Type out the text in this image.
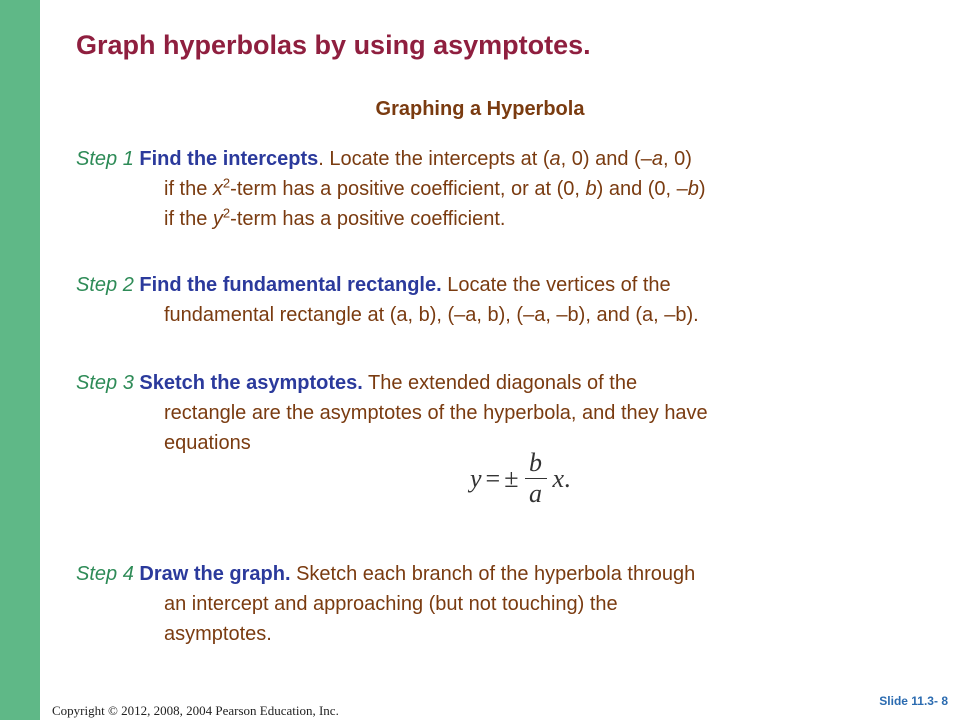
Graph hyperbolas by using asymptotes.
Graphing a Hyperbola
Step 1 Find the intercepts. Locate the intercepts at (a, 0) and (–a, 0)
if the $x^2$-term has a positive coefficient, or at (0, b) and (0, –b)
if the $y^2$-term has a positive coefficient.
Step 2 Find the fundamental rectangle. Locate the vertices of the
fundamental rectangle at (a, b), (–a, b), (–a, –b), and (a, –b).
Step 3 Sketch the asymptotes. The extended diagonals of the
rectangle are the asymptotes of the hyperbola, and they have
equations
y = ± $\frac{b}{a}$ x .
Step 4 Draw the graph. Sketch each branch of the hyperbola through
an intercept and approaching (but not touching) the
asymptotes.
Copyright © 2012, 2008, 2004 Pearson Education, Inc.
Slide 11.3- 8
